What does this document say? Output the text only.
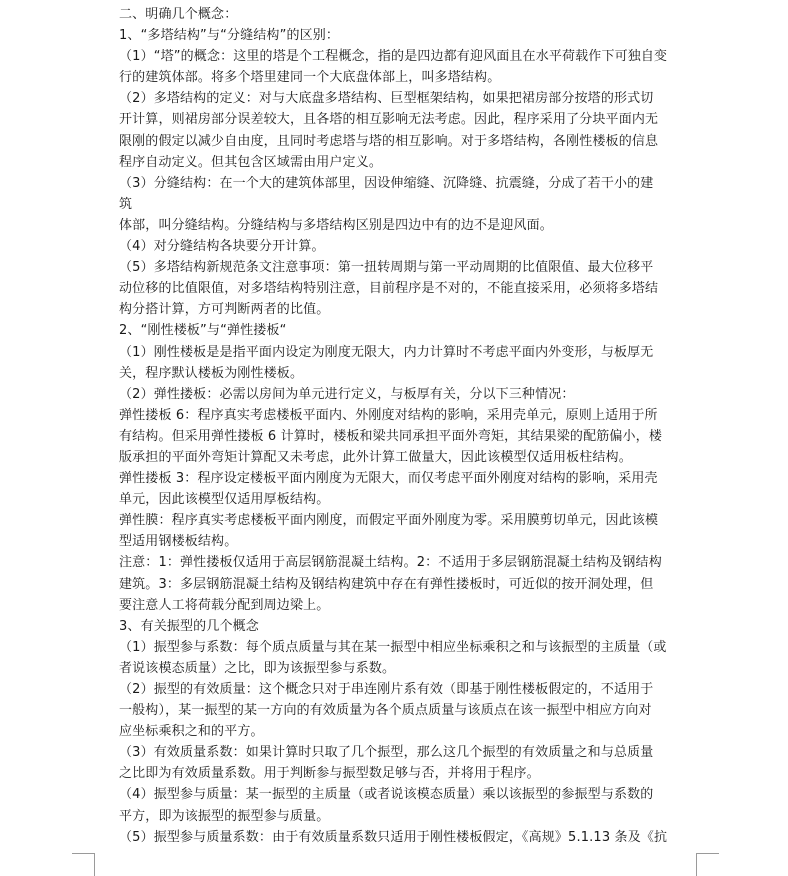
二、明确几个概念：
1、“多塔结构”与“分缝结构”的区别：
（1）“塔”的概念：这里的塔是个工程概念，指的是四边都有迎风面且在水平荷载作下可独自变
行的建筑体部。将多个塔里建同一个大底盘体部上，叫多塔结构。
（2）多塔结构的定义：对与大底盘多塔结构、巨型框架结构，如果把裙房部分按塔的形式切
开计算，则裙房部分误差较大，且各塔的相互影响无法考虑。因此，程序采用了分块平面内无
限刚的假定以减少自由度，且同时考虑塔与塔的相互影响。对于多塔结构，各刚性楼板的信息
程序自动定义。但其包含区域需由用户定义。
（3）分缝结构：在一个大的建筑体部里，因设伸缩缝、沉降缝、抗震缝，分成了若干小的建
筑
体部，叫分缝结构。分缝结构与多塔结构区别是四边中有的边不是迎风面。
（4）对分缝结构各块要分开计算。
（5）多塔结构新规范条文注意事项：第一扭转周期与第一平动周期的比值限值、最大位移平
动位移的比值限值，对多塔结构特别注意，目前程序是不对的，不能直接采用，必须将多塔结
构分搭计算，方可判断两者的比值。
2、“刚性楼板”与“弹性搂板“
（1）刚性楼板是是指平面内设定为刚度无限大，内力计算时不考虑平面内外变形，与板厚无
关，程序默认楼板为刚性楼板。
（2）弹性搂板：必需以房间为单元进行定义，与板厚有关，分以下三种情况：
弹性搂板 6：程序真实考虑楼板平面内、外刚度对结构的影响，采用壳单元，原则上适用于所
有结构。但采用弹性搂板 6 计算时，楼板和梁共同承担平面外弯矩，其结果梁的配筋偏小，楼
版承担的平面外弯矩计算配又未考虑，此外计算工做量大，因此该模型仅适用板柱结构。
弹性搂板 3：程序设定楼板平面内刚度为无限大，而仅考虑平面外刚度对结构的影响，采用壳
单元，因此该模型仅适用厚板结构。
弹性膜：程序真实考虑楼板平面内刚度，而假定平面外刚度为零。采用膜剪切单元，因此该模
型适用钢楼板结构。
注意：1：弹性搂板仅适用于高层钢筋混凝土结构。2：不适用于多层钢筋混凝土结构及钢结构
建筑。3：多层钢筋混凝土结构及钢结构建筑中存在有弹性搂板时，可近似的按开洞处理，但
要注意人工将荷载分配到周边梁上。
3、有关振型的几个概念
（1）振型参与系数：每个质点质量与其在某一振型中相应坐标乘积之和与该振型的主质量（或
者说该模态质量）之比，即为该振型参与系数。
（2）振型的有效质量：这个概念只对于串连刚片系有效（即基于刚性楼板假定的，不适用于
一般构），某一振型的某一方向的有效质量为各个质点质量与该质点在该一振型中相应方向对
应坐标乘积之和的平方。
（3）有效质量系数：如果计算时只取了几个振型，那么这几个振型的有效质量之和与总质量
之比即为有效质量系数。用于判断参与振型数足够与否，并将用于程序。
（4）振型参与质量：某一振型的主质量（或者说该模态质量）乘以该振型的参振型与系数的
平方，即为该振型的振型参与质量。
（5）振型参与质量系数：由于有效质量系数只适用于刚性楼板假定，《高规》5.1.13 条及《抗
